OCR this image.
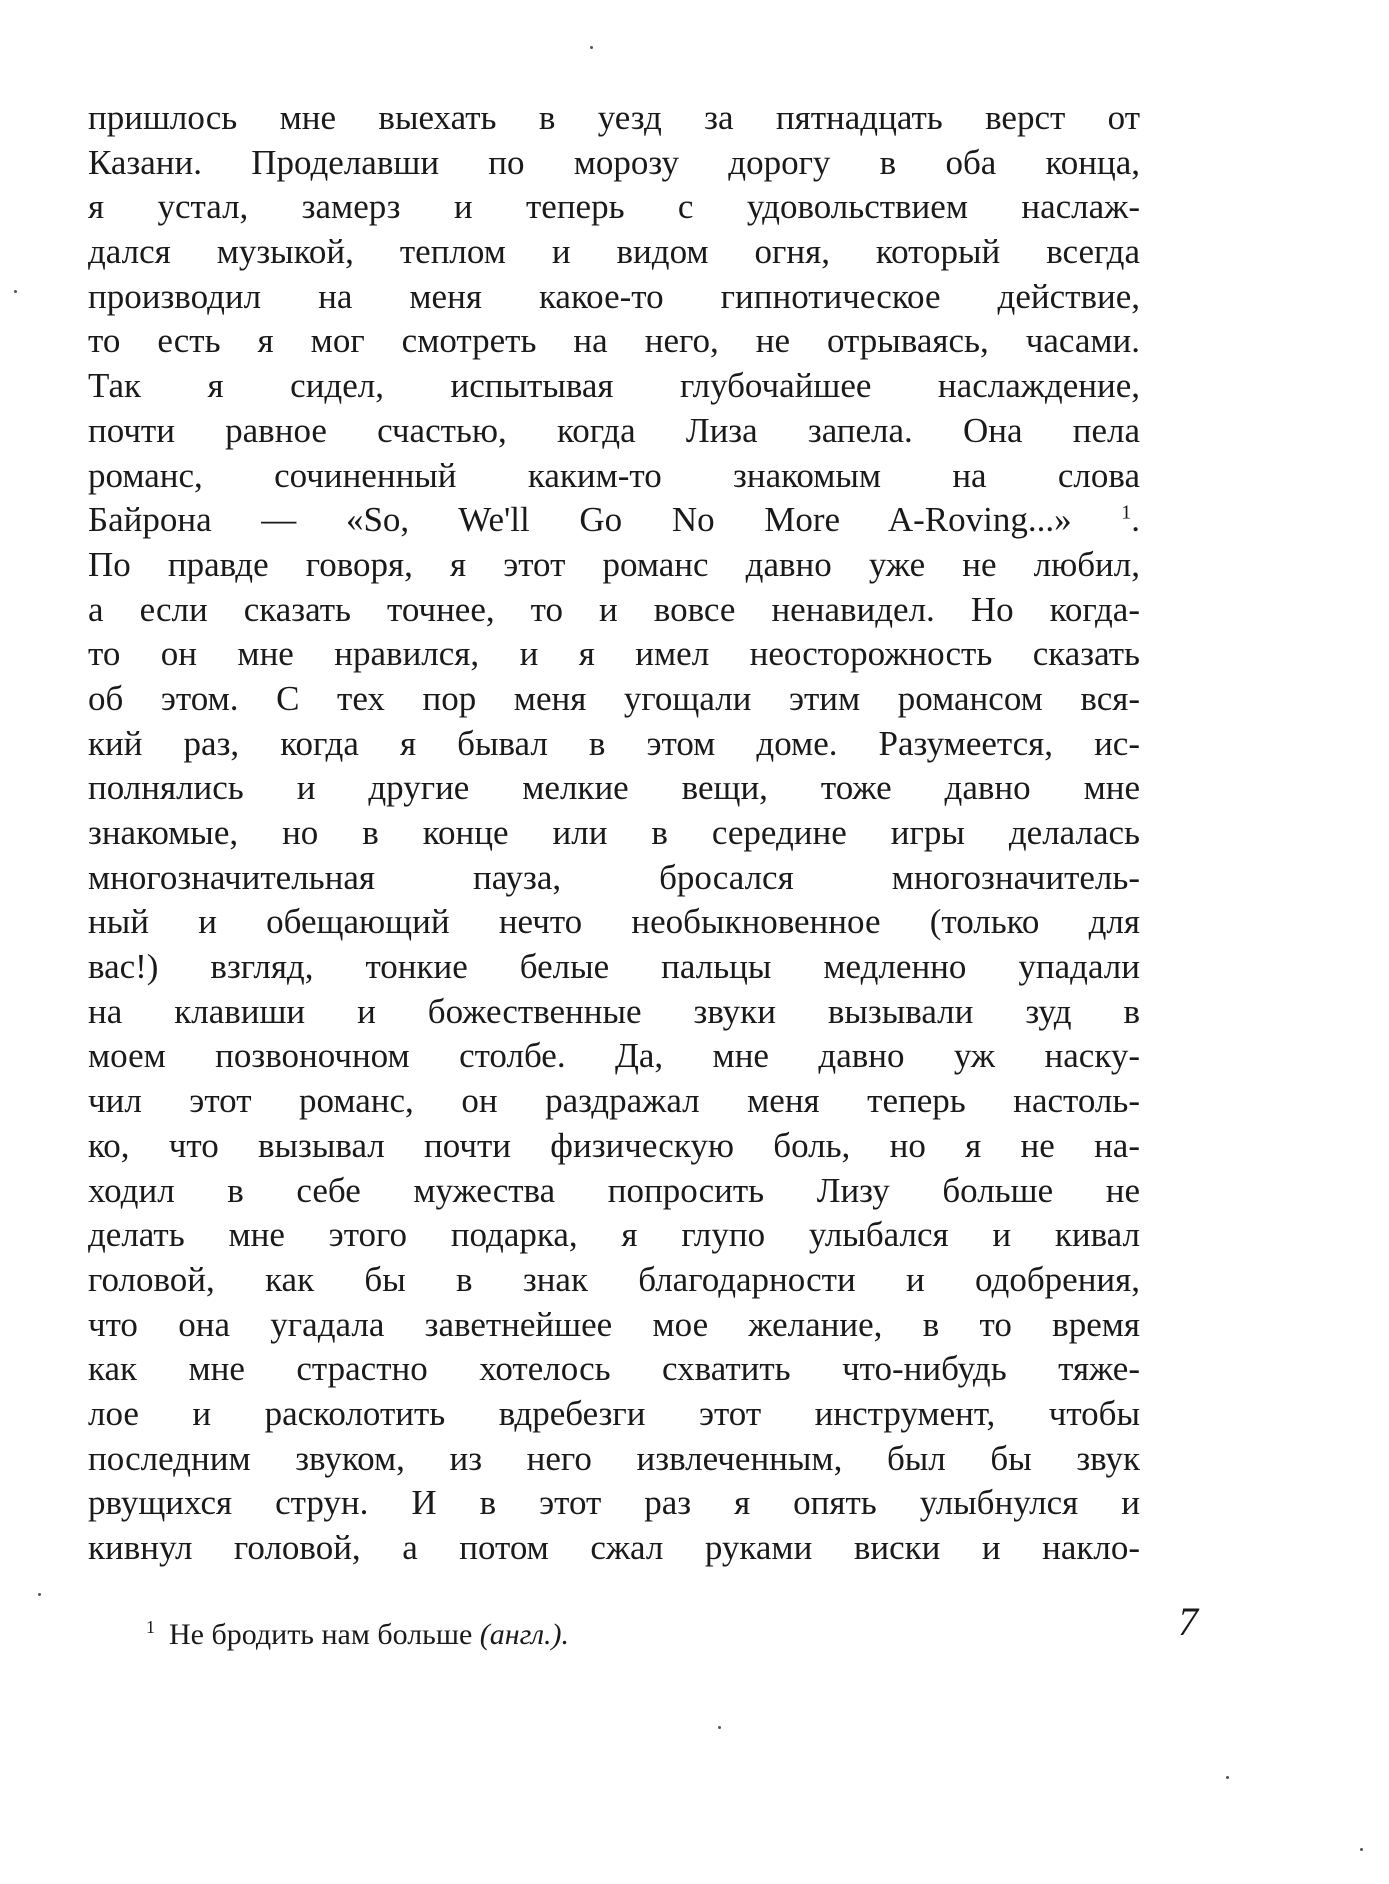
пришлось мне выехать в уезд за пятнадцать верст от
Казани. Проделавши по морозу дорогу в оба конца,
я устал, замерз и теперь с удовольствием наслаж-
дался музыкой, теплом и видом огня, который всегда
производил на меня какое-то гипнотическое действие,
то есть я мог смотреть на него, не отрываясь, часами.
Так я сидел, испытывая глубочайшее наслаждение,
почти равное счастью, когда Лиза запела. Она пела
романс, сочиненный каким-то знакомым на слова
Байрона — «So, We'll Go No More A-Roving...» $^1$.
По правде говоря, я этот романс давно уже не любил,
а если сказать точнее, то и вовсе ненавидел. Но когда-
то он мне нравился, и я имел неосторожность сказать
об этом. С тех пор меня угощали этим романсом вся-
кий раз, когда я бывал в этом доме. Разумеется, ис-
полнялись и другие мелкие вещи, тоже давно мне
знакомые, но в конце или в середине игры делалась
многозначительная пауза, бросался многозначитель-
ный и обещающий нечто необыкновенное (только для
вас!) взгляд, тонкие белые пальцы медленно упадали
на клавиши и божественные звуки вызывали зуд в
моем позвоночном столбе. Да, мне давно уж наску-
чил этот романс, он раздражал меня теперь настоль-
ко, что вызывал почти физическую боль, но я не на-
ходил в себе мужества попросить Лизу больше не
делать мне этого подарка, я глупо улыбался и кивал
головой, как бы в знак благодарности и одобрения,
что она угадала заветнейшее мое желание, в то время
как мне страстно хотелось схватить что-нибудь тяже-
лое и расколотить вдребезги этот инструмент, чтобы
последним звуком, из него извлеченным, был бы звук
рвущихся струн. И в этот раз я опять улыбнулся и
кивнул головой, а потом сжал руками виски и накло-
$^1$ Не бродить нам больше (англ.).	7
